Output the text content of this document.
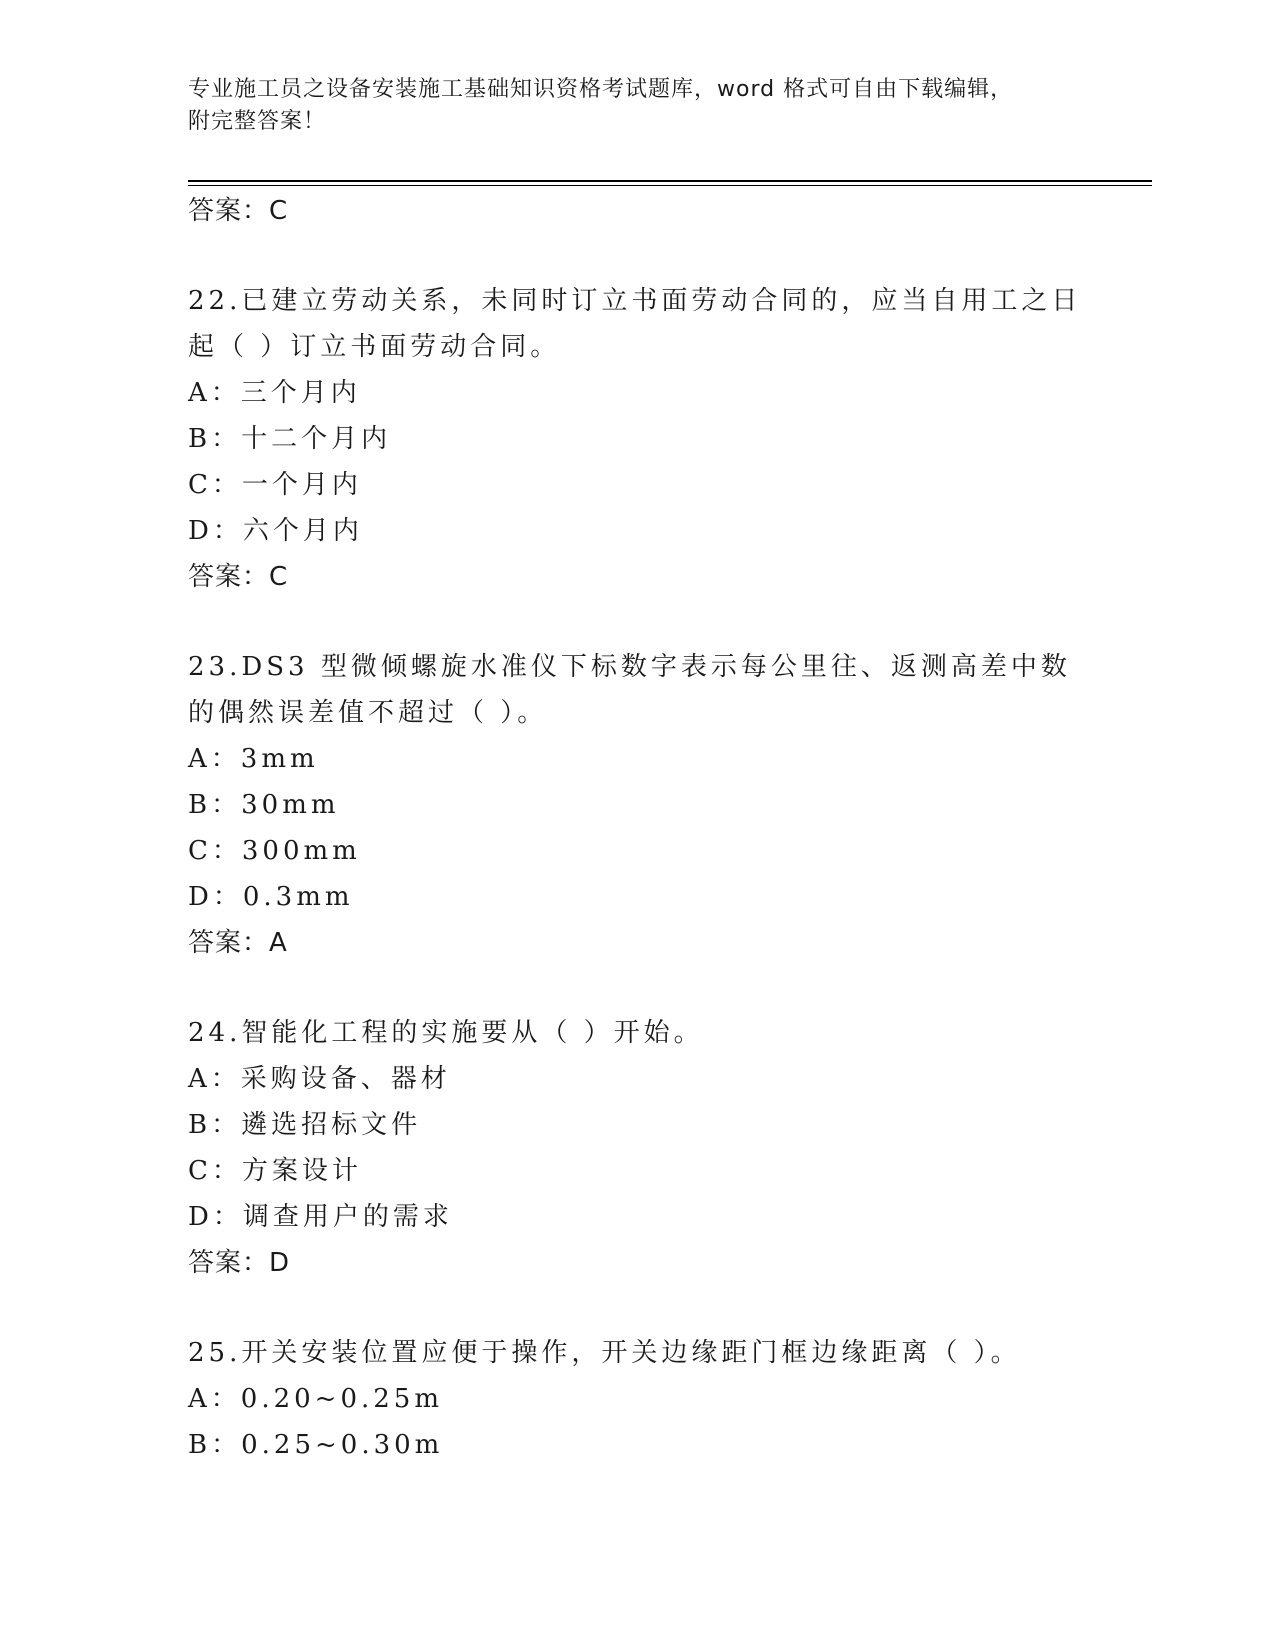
专业施工员之设备安装施工基础知识资格考试题库，word 格式可自由下载编辑，
附完整答案！
答案：C
22.已建立劳动关系，未同时订立书面劳动合同的，应当自用工之日起（ ）订立书面劳动合同。
A：三个月内
B：十二个月内
C：一个月内
D：六个月内
答案：C
23.DS3 型微倾螺旋水准仪下标数字表示每公里往、返测高差中数的偶然误差值不超过（ ）。
A：3mm
B：30mm
C：300mm
D：0.3mm
答案：A
24.智能化工程的实施要从（ ）开始。
A：采购设备、器材
B：遴选招标文件
C：方案设计
D：调查用户的需求
答案：D
25.开关安装位置应便于操作，开关边缘距门框边缘距离（ ）。
A：0.20~0.25m
B：0.25~0.30m
